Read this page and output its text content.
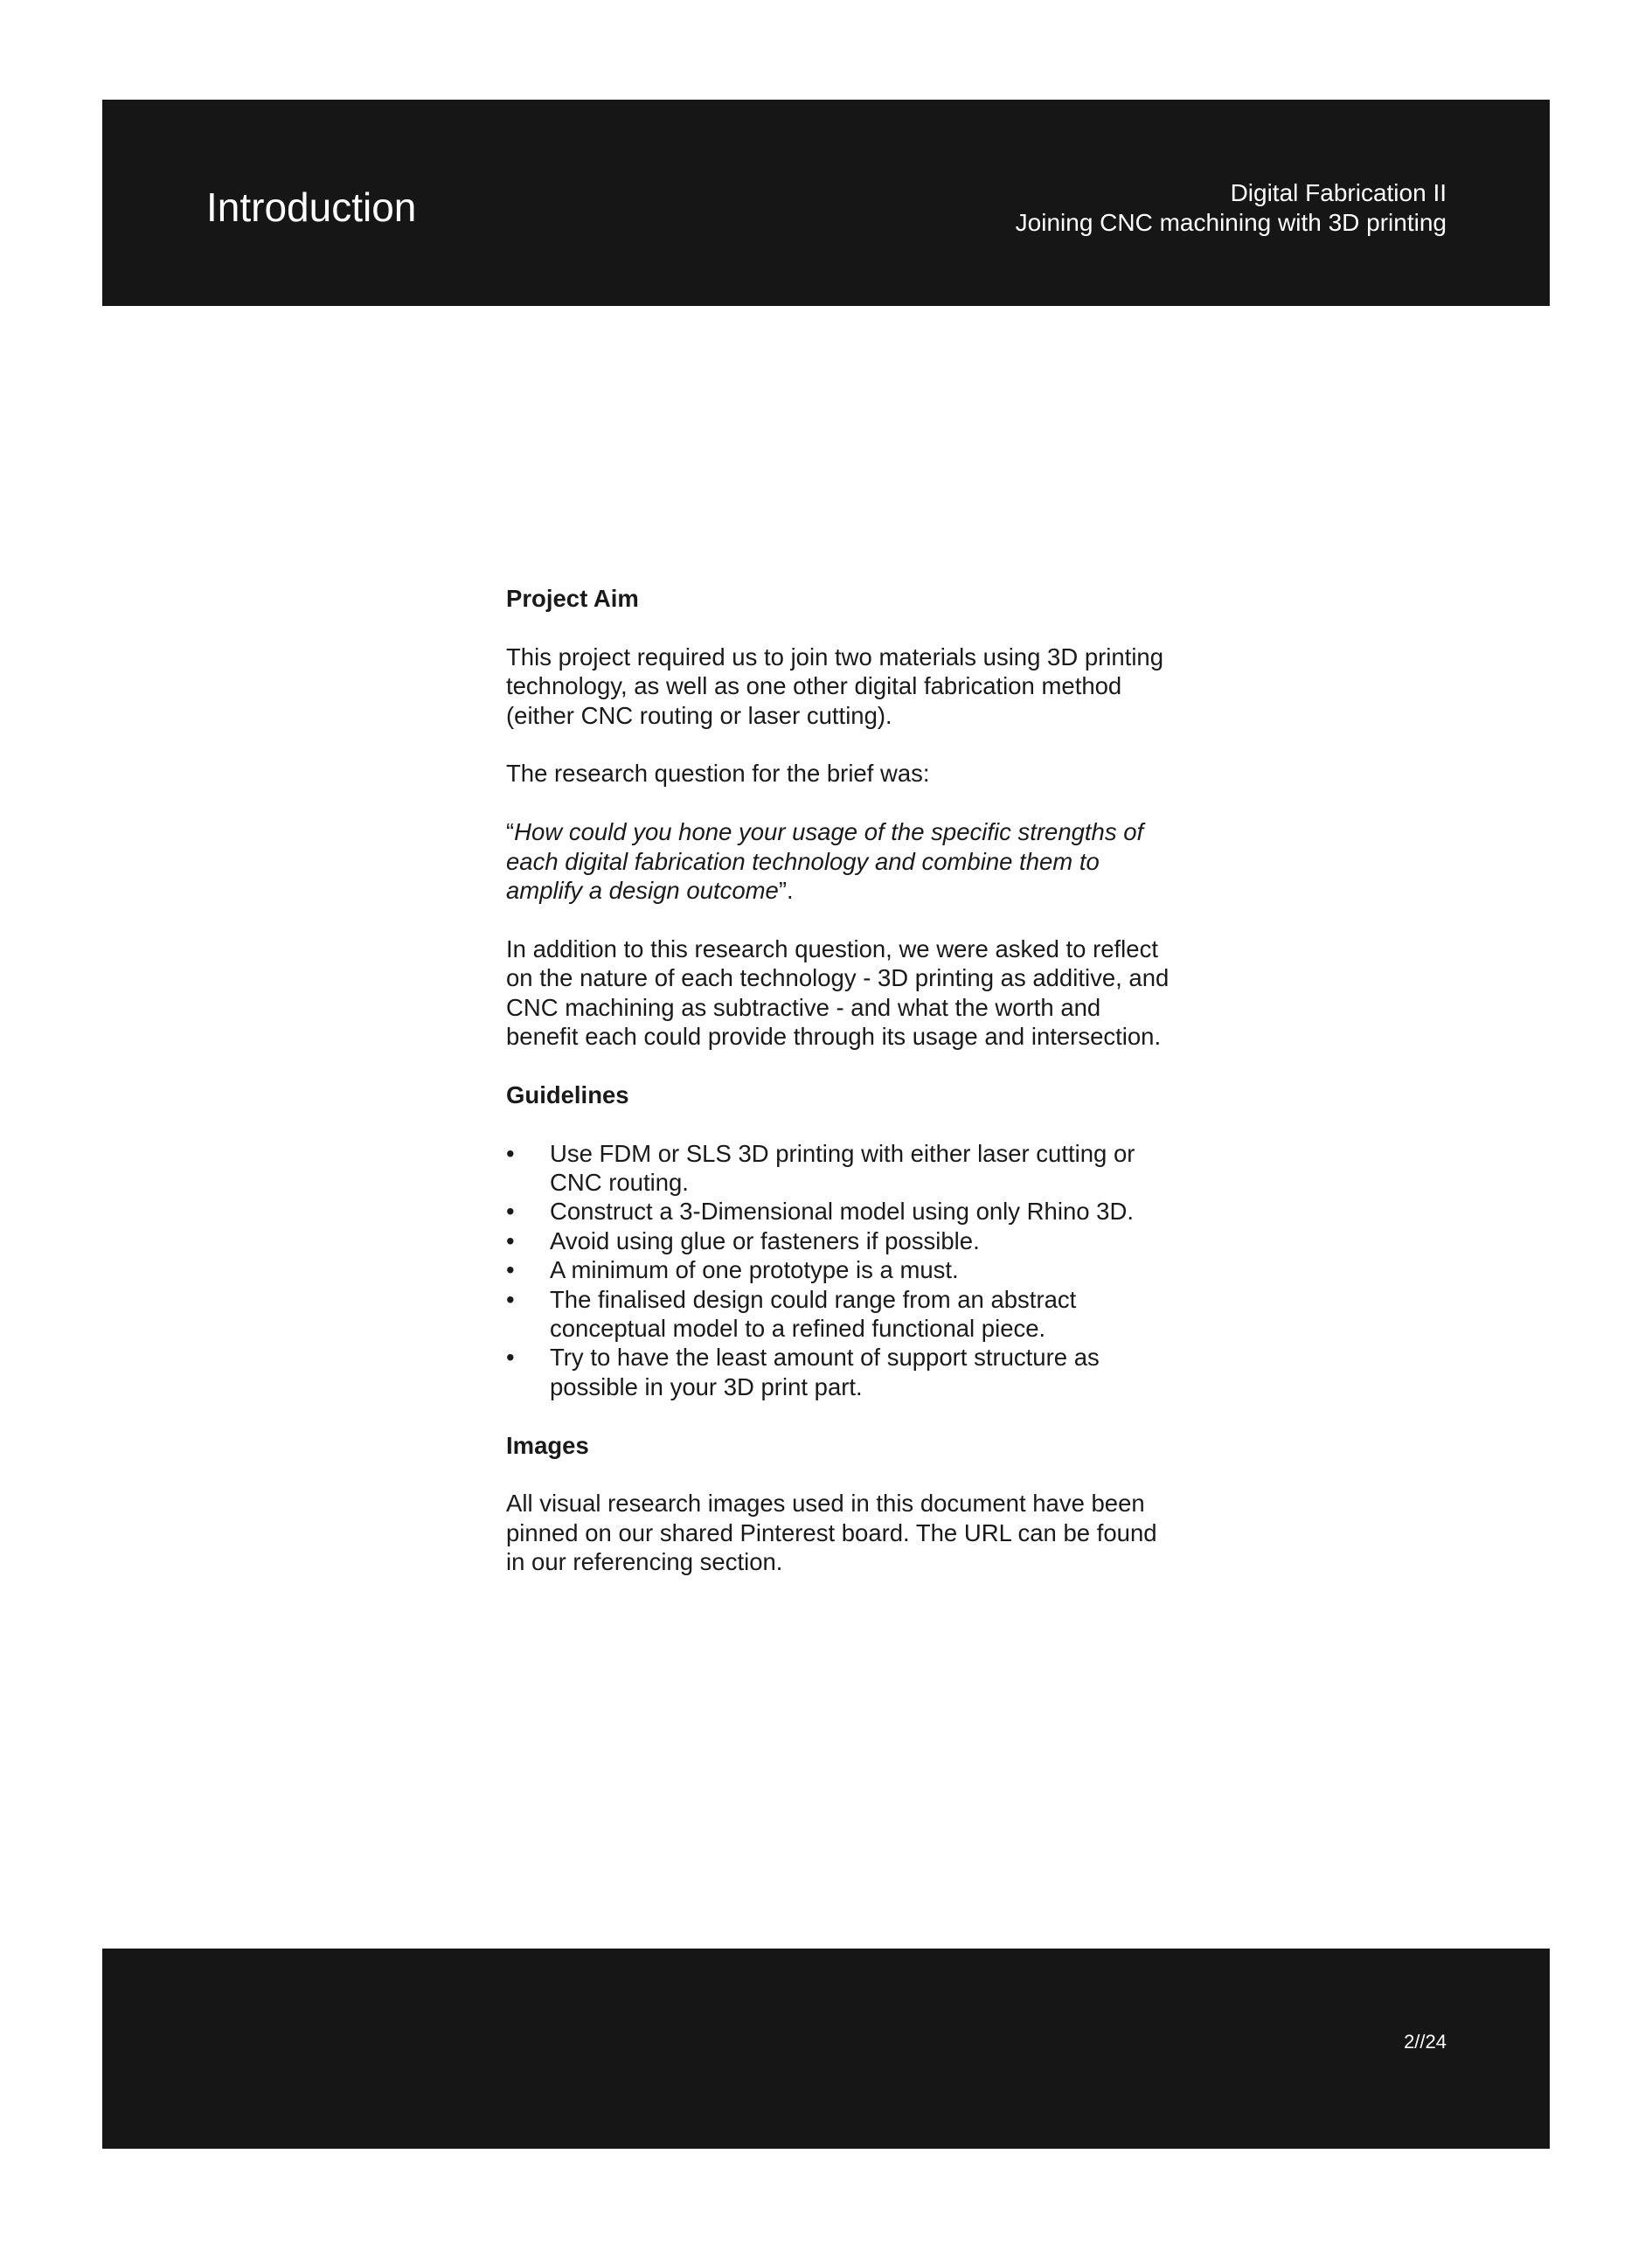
Introduction	Digital Fabrication II
Joining CNC machining with 3D printing
Project Aim

This project required us to join two materials using 3D printing technology, as well as one other digital fabrication method (either CNC routing or laser cutting).

The research question for the brief was:

“How could you hone your usage of the specific strengths of each digital fabrication technology and combine them to amplify a design outcome”.

In addition to this research question, we were asked to reflect on the nature of each technology - 3D printing as additive, and CNC machining as subtractive - and what the worth and benefit each could provide through its usage and intersection.

Guidelines
•	Use FDM or SLS 3D printing with either laser cutting or CNC routing.
•	Construct a 3-Dimensional model using only Rhino 3D.
•	Avoid using glue or fasteners if possible.
•	A minimum of one prototype is a must.
•	The finalised design could range from an abstract conceptual model to a refined functional piece.
•	Try to have the least amount of support structure as possible in your 3D print part.
Images

All visual research images used in this document have been pinned on our shared Pinterest board. The URL can be found in our referencing section.

2//24
